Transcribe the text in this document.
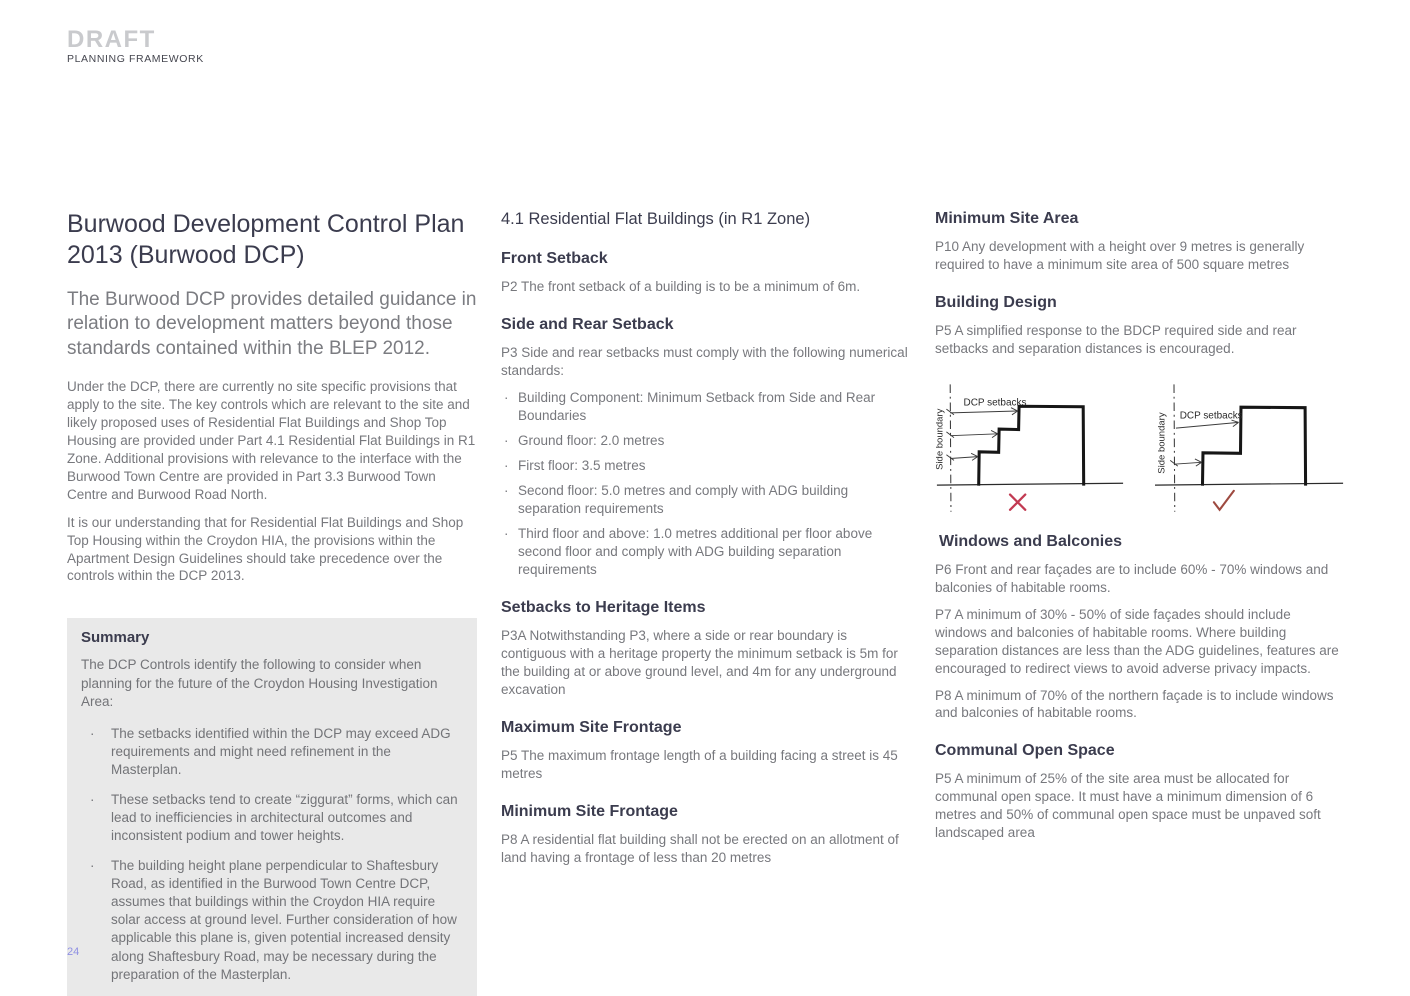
DRAFT
PLANNING FRAMEWORK
Burwood Development Control Plan 2013 (Burwood DCP)

The Burwood DCP provides detailed guidance in relation to development matters beyond those standards contained within the BLEP 2012.

Under the DCP, there are currently no site specific provisions that apply to the site. The key controls which are relevant to the site and likely proposed uses of Residential Flat Buildings and Shop Top Housing are provided under Part 4.1 Residential Flat Buildings in R1 Zone. Additional provisions with relevance to the interface with the Burwood Town Centre are provided in Part 3.3 Burwood Town Centre and Burwood Road North.

It is our understanding that for Residential Flat Buildings and Shop Top Housing within the Croydon HIA, the provisions within the Apartment Design Guidelines should take precedence over the controls within the DCP 2013.

Summary

The DCP Controls identify the following to consider when planning for the future of the Croydon Housing Investigation Area:

·	The setbacks identified within the DCP may exceed ADG requirements and might need refinement in the Masterplan.
·	These setbacks tend to create “ziggurat” forms, which can lead to inefficiencies in architectural outcomes and inconsistent podium and tower heights.
·	The building height plane perpendicular to Shaftesbury Road, as identified in the Burwood Town Centre DCP, assumes that buildings within the Croydon HIA require solar access at ground level. Further consideration of how applicable this plane is, given potential increased density along Shaftesbury Road, may be necessary during the preparation of the Masterplan.
4.1 Residential Flat Buildings (in R1 Zone)
Front Setback

P2 The front setback of a building is to be a minimum of 6m.

Side and Rear Setback

P3 Side and rear setbacks must comply with the following numerical standards:

· Building Component: Minimum Setback from Side and Rear Boundaries
· Ground floor: 2.0 metres
· First floor: 3.5 metres
· Second floor: 5.0 metres and comply with ADG building separation requirements
· Third floor and above: 1.0 metres additional per floor above second floor and comply with ADG building separation requirements
Setbacks to Heritage Items

P3A Notwithstanding P3, where a side or rear boundary is contiguous with a heritage property the minimum setback is 5m for the building at or above ground level, and 4m for any underground excavation

Maximum Site Frontage

P5 The maximum frontage length of a building facing a street is 45 metres

Minimum Site Frontage

P8 A residential flat building shall not be erected on an allotment of land having a frontage of less than 20 metres

Minimum Site Area

P10 Any development with a height over 9 metres is generally required to have a minimum site area of 500 square metres

Building Design

P5 A simplified response to the BDCP required side and rear setbacks and separation distances is encouraged.

DCP setbacks
Side boundary	DCP setbacks
Side boundary
Windows and Balconies

P6 Front and rear façades are to include 60% - 70% windows and balconies of habitable rooms.

P7 A minimum of 30% - 50% of side façades should include windows and balconies of habitable rooms. Where building separation distances are less than the ADG guidelines, features are encouraged to redirect views to avoid adverse privacy impacts.

P8 A minimum of 70% of the northern façade is to include windows and balconies of habitable rooms.

Communal Open Space

P5 A minimum of 25% of the site area must be allocated for communal open space. It must have a minimum dimension of 6 metres and 50% of communal open space must be unpaved soft landscaped area

24
